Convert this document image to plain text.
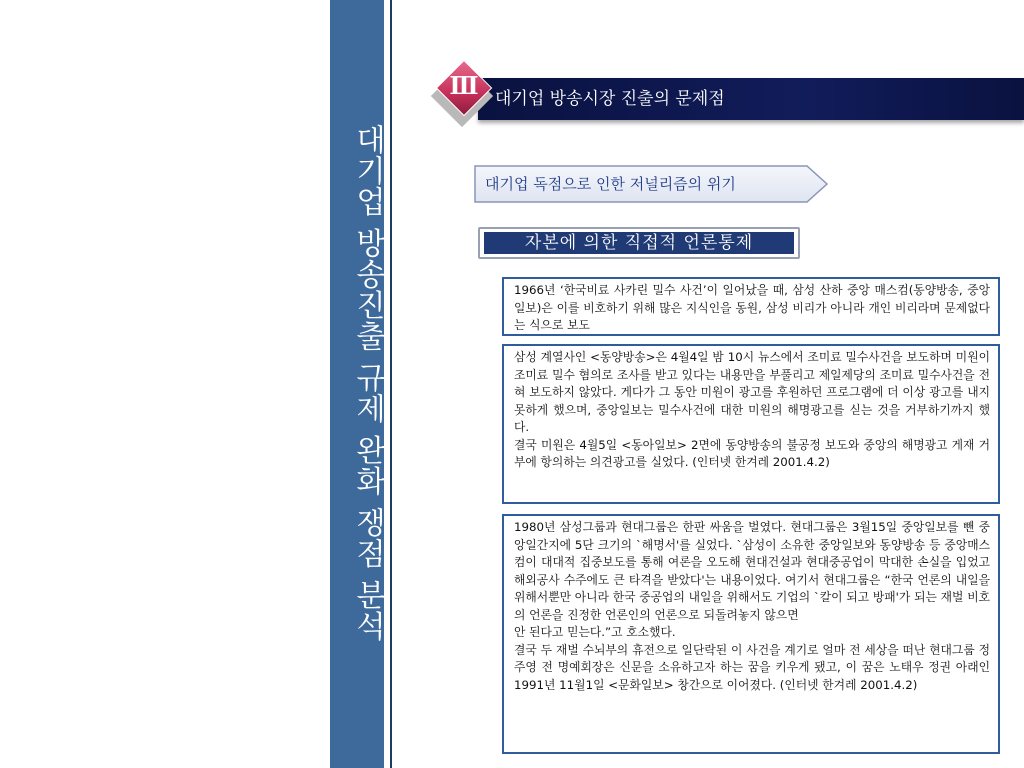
대기업 방송진출 규제 완화 쟁점 분석
Ⅲ 대기업 방송시장 진출의 문제점
대기업 독점으로 인한 저널리즘의 위기
자본에 의한 직접적 언론통제

1966년 ‘한국비료 사카린 밀수 사건’이 일어났을 때, 삼성 산하 중앙 매스컴(동양방송, 중앙일보)은 이를 비호하기 위해 많은 지식인을 동원, 삼성 비리가 아니라 개인 비리라며 문제없다는 식으로 보도

삼성 계열사인 <동양방송>은 4월4일 밤 10시 뉴스에서 조미료 밀수사건을 보도하며 미원이 조미료 밀수 혐의로 조사를 받고 있다는 내용만을 부풀리고 제일제당의 조미료 밀수사건을 전혀 보도하지 않았다. 게다가 그 동안 미원이 광고를 후원하던 프로그램에 더 이상 광고를 내지 못하게 했으며, 중앙일보는 밀수사건에 대한 미원의 해명광고를 싣는 것을 거부하기까지 했다.

결국 미원은 4월5일 <동아일보> 2면에 동양방송의 불공정 보도와 중앙의 해명광고 게재 거부에 항의하는 의견광고를 실었다. (인터넷 한겨레 2001.4.2)

1980년 삼성그룹과 현대그룹은 한판 싸움을 벌였다. 현대그룹은 3월15일 중앙일보를 뺀 중앙일간지에 5단 크기의 `해명서'를 실었다. `삼성이 소유한 중앙일보와 동양방송 등 중앙매스컴이 대대적 집중보도를 통해 여론을 오도해 현대건설과 현대중공업이 막대한 손실을 입었고 해외공사 수주에도 큰 타격을 받았다'는 내용이었다. 여기서 현대그룹은 “한국 언론의 내일을 위해서뿐만 아니라 한국 중공업의 내일을 위해서도 기업의 `칼이 되고 방패'가 되는 재벌 비호의 언론을 진정한 언론인의 언론으로 되돌려놓지 않으면

안 된다고 믿는다.”고 호소했다.

결국 두 재벌 수뇌부의 휴전으로 일단락된 이 사건을 계기로 얼마 전 세상을 떠난 현대그룹 정주영 전 명예회장은 신문을 소유하고자 하는 꿈을 키우게 됐고, 이 꿈은 노태우 정권 아래인 1991년 11월1일 <문화일보> 창간으로 이어졌다. (인터넷 한겨레 2001.4.2)
